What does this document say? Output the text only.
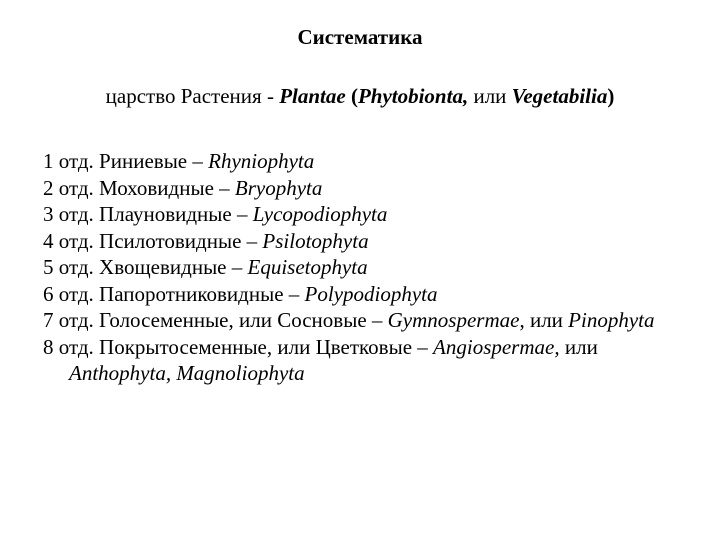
Систематика
царство Растения - Plantae (Phytobionta, или Vegetabilia)
1 отд. Риниевые – Rhyniophyta
2 отд. Моховидные – Bryophyta
3 отд. Плауновидные – Lycopodiophyta
4 отд. Псилотовидные – Psilotophyta
5 отд. Хвощевидные – Equisetophyta
6 отд. Папоротниковидные – Polypodiophyta
7 отд. Голосеменные, или Сосновые – Gymnospermae, или Pinophyta
8 отд. Покрытосеменные, или Цветковые – Angiospermae, или Anthophyta, Magnoliophyta
